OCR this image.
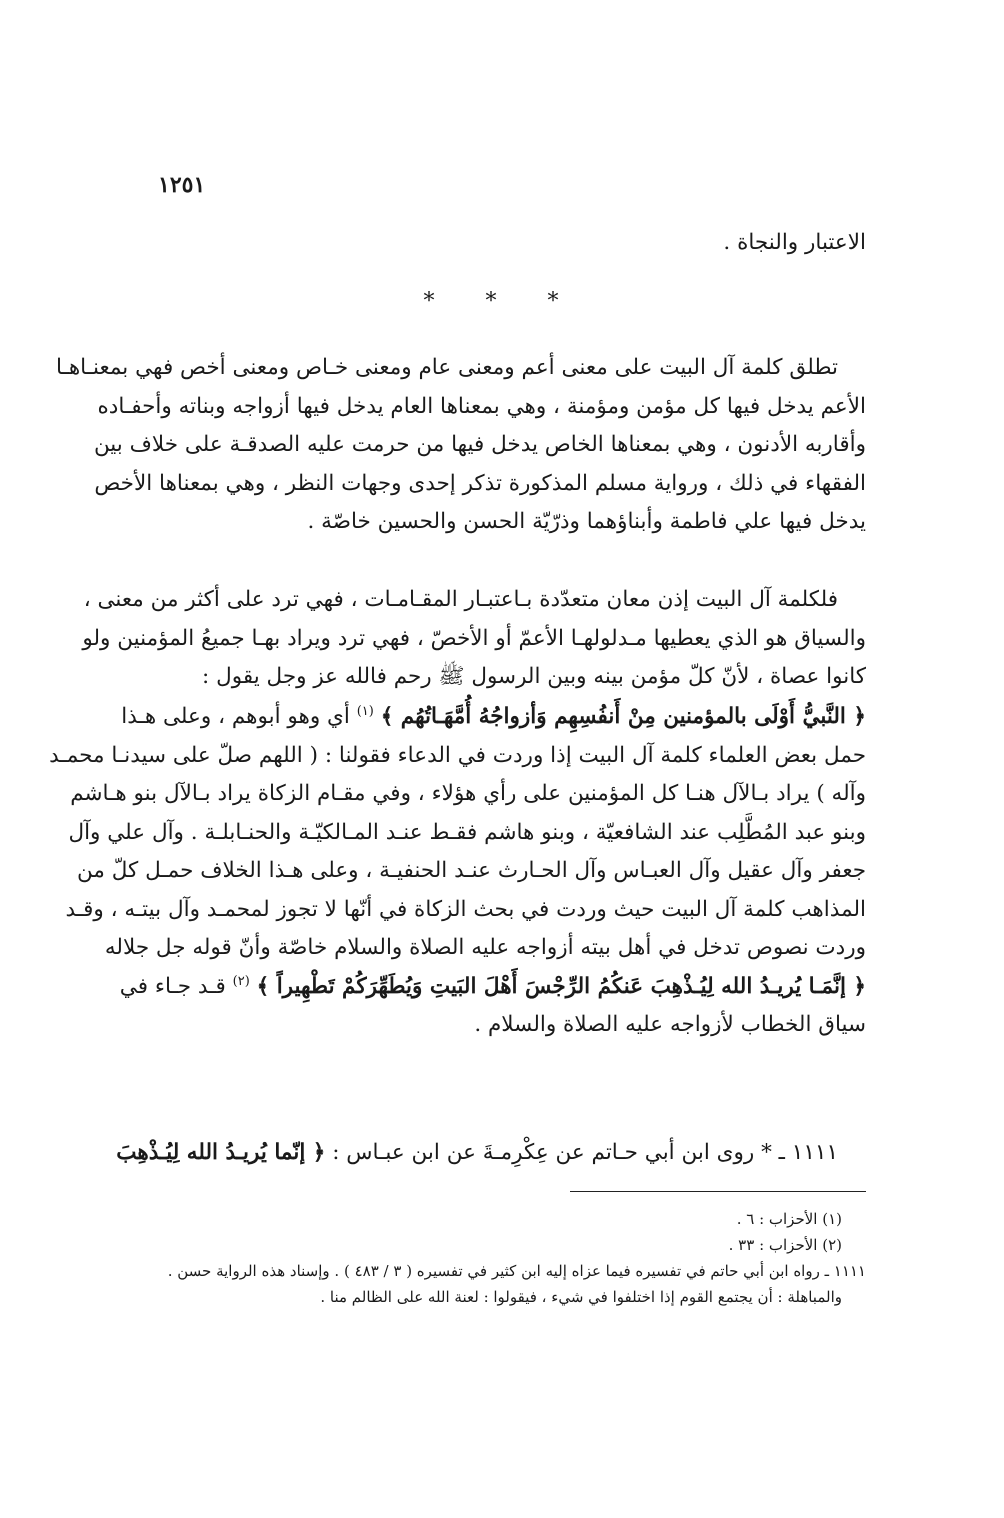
١٢٥١
الاعتبار والنجاة .
* * *
تطلق كلمة آل البيت على معنى أعم ومعنى عام ومعنى خـاص ومعنى أخص فهي بمعنـاهـا
الأعم يدخل فيها كل مؤمن ومؤمنة ، وهي بمعناها العام يدخل فيها أزواجه وبناته وأحفـاده
وأقاربه الأدنون ، وهي بمعناها الخاص يدخل فيها من حرمت عليه الصدقـة على خلاف بين
الفقهاء في ذلك ، ورواية مسلم المذكورة تذكر إحدى وجهات النظر ، وهي بمعناها الأخص
يدخل فيها علي فاطمة وأبناؤهما وذرّيّة الحسن والحسين خاصّة .
فلكلمة آل البيت إذن معان متعدّدة بـاعتبـار المقـامـات ، فهي ترد على أكثر من معنى ،
والسياق هو الذي يعطيها مـدلولهـا الأعمّ أو الأخصّ ، فهي ترد ويراد بهـا جميعُ المؤمنين ولو
كانوا عصاة ، لأنّ كلّ مؤمن بينه وبين الرسول ﷺ رحم فالله عز وجل يقول :
﴿ النَّبيُّ أَوْلَى بالمؤمنين مِنْ أَنفُسِهِم وَأزواجُهُ أُمَّهَـاتُهُم ﴾ $^{(١)}$ أي وهو أبوهم ، وعلى هـذا
حمل بعض العلماء كلمة آل البيت إذا وردت في الدعاء فقولنا : ( اللهم صلّ على سيدنـا محمـد
وآله ) يراد بـالآل هنـا كل المؤمنين على رأي هؤلاء ، وفي مقـام الزكاة يراد بـالآل بنو هـاشم
وبنو عبد المُطَّلِب عند الشافعيّة ، وبنو هاشم فقـط عنـد المـالكيّـة والحنـابلـة . وآل علي وآل
جعفر وآل عقيل وآل العبـاس وآل الحـارث عنـد الحنفيـة ، وعلى هـذا الخلاف حمـل كلّ من
المذاهب كلمة آل البيت حيث وردت في بحث الزكاة في أنّها لا تجوز لمحمـد وآل بيتـه ، وقـد
وردت نصوص تدخل في أهل بيته أزواجه عليه الصلاة والسلام خاصّة وأنّ قوله جل جلاله
﴿ إنَّمَـا يُريـدُ الله لِيُـذْهِبَ عَنكُمُ الرِّجْسَ أَهْلَ البَيتِ وَيُطَهِّرَكُمْ تَطْهِيراً ﴾ $^{(٢)}$ قـد جـاء في
سياق الخطاب لأزواجه عليه الصلاة والسلام .
١١١١ ـ * روى ابن أبي حـاتم عن عِكْرِمـةَ عن ابن عبـاس : ﴿ إنّما يُريـدُ الله لِيُـذْهِبَ
(١) الأحزاب : ٦ .
(٢) الأحزاب : ٣٣ .
١١١١ ـ رواه ابن أبي حاتم في تفسيره فيما عزاه إليه ابن كثير في تفسيره ( ٣ / ٤٨٣ ) . وإسناد هذه الرواية حسن .
والمباهلة : أن يجتمع القوم إذا اختلفوا في شيء ، فيقولوا : لعنة الله على الظالم منا .
